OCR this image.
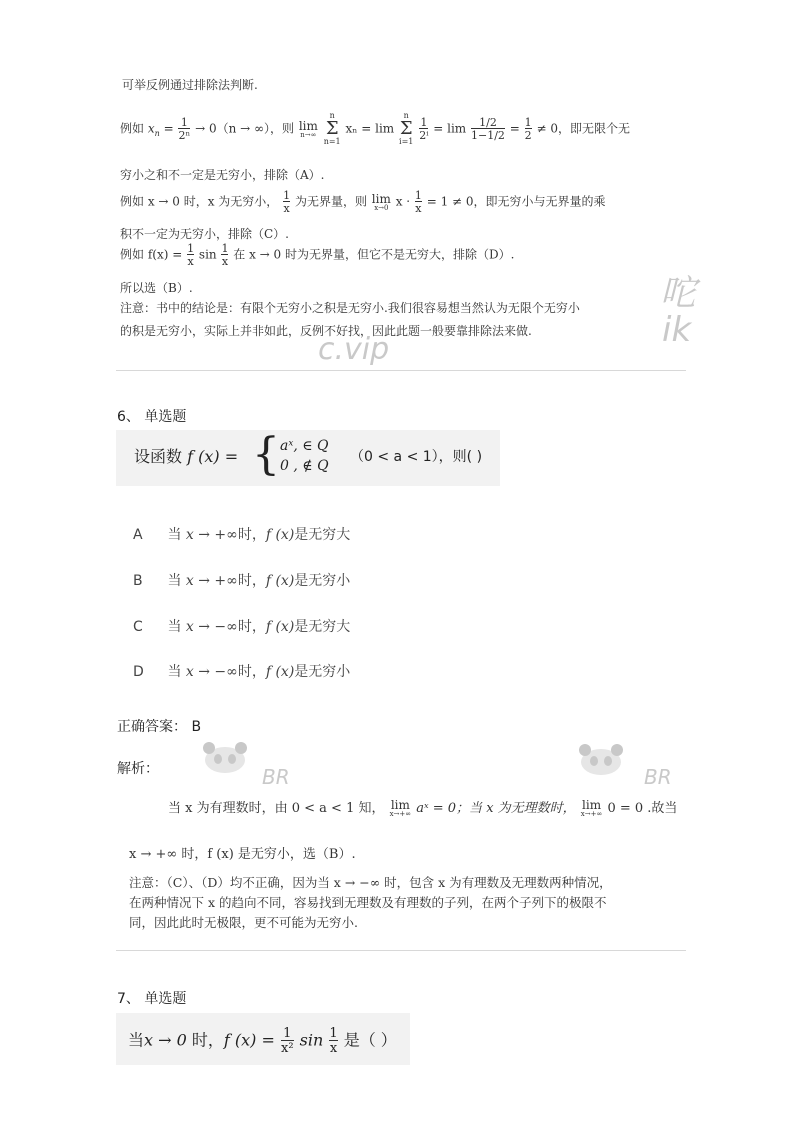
可举反例通过排除法判断.
例如 $x_n = \frac{1}{\text{2ⁿ}} \to 0(n$ → ∞），则 lim
n→∞
n
Σ
n=1 xₙ = lim n
Σ
i=1
$\frac{1}{\text{2ⁱ}} = \lim \frac{1/2}{1-1/2} = \frac{1}{2} \ne 0$，即无限个无
穷小之和不一定是无穷小，排除（A）.
例如 x → 0 时，x 为无穷小， $\frac{1}{x}$ 为无界量，则 lim
x→0 $x \cdot \frac{1}{x} = 1 \ne 0$，即无穷小与无界量的乘
积不一定为无穷小，排除（C）.
例如 $f(x) = \frac{1}{x}$ $\sin \frac{1}{x}$ 在 x → 0 时为无界量，但它不是无穷大，排除（D）.
所以选（B）.
注意：书中的结论是：有限个无穷小之积是无穷小.我们很容易想当然认为无限个无穷小
的积是无穷小，实际上并非如此，反例不好找，因此此题一般要靠排除法来做.
咜
ik
c.vip
6、 单选题
设函数 f (x) = { aˣ, ∈ Q
0 , ∉ Q
（0 < a < 1），则( )
A 当 x → +∞时，f (x)是无穷大
B 当 x → +∞时，f (x)是无穷小
C 当 x → −∞时，f (x)是无穷大
D 当 x → −∞时，f (x)是无穷小
正确答案： B
解析：	BR	BR
当 x 为有理数时，由 0 < a < 1 知， lim
x→+∞ aˣ = 0；当 x 为无理数时， lim
x→+∞ 0 = 0 .故当
x → +∞ 时，f (x) 是无穷小，选（B）.
注意：（C）、（D）均不正确，因为当 x → −∞ 时，包含 x 为有理数及无理数两种情况，
在两种情况下 x 的趋向不同，容易找到无理数及有理数的子列，在两个子列下的极限不
同，因此此时无极限，更不可能为无穷小.
7、 单选题
当x → 0 时，f $(x) = \frac{1}{\text{x²}}$ $\sin \frac{1}{x}$ 是（ ）
